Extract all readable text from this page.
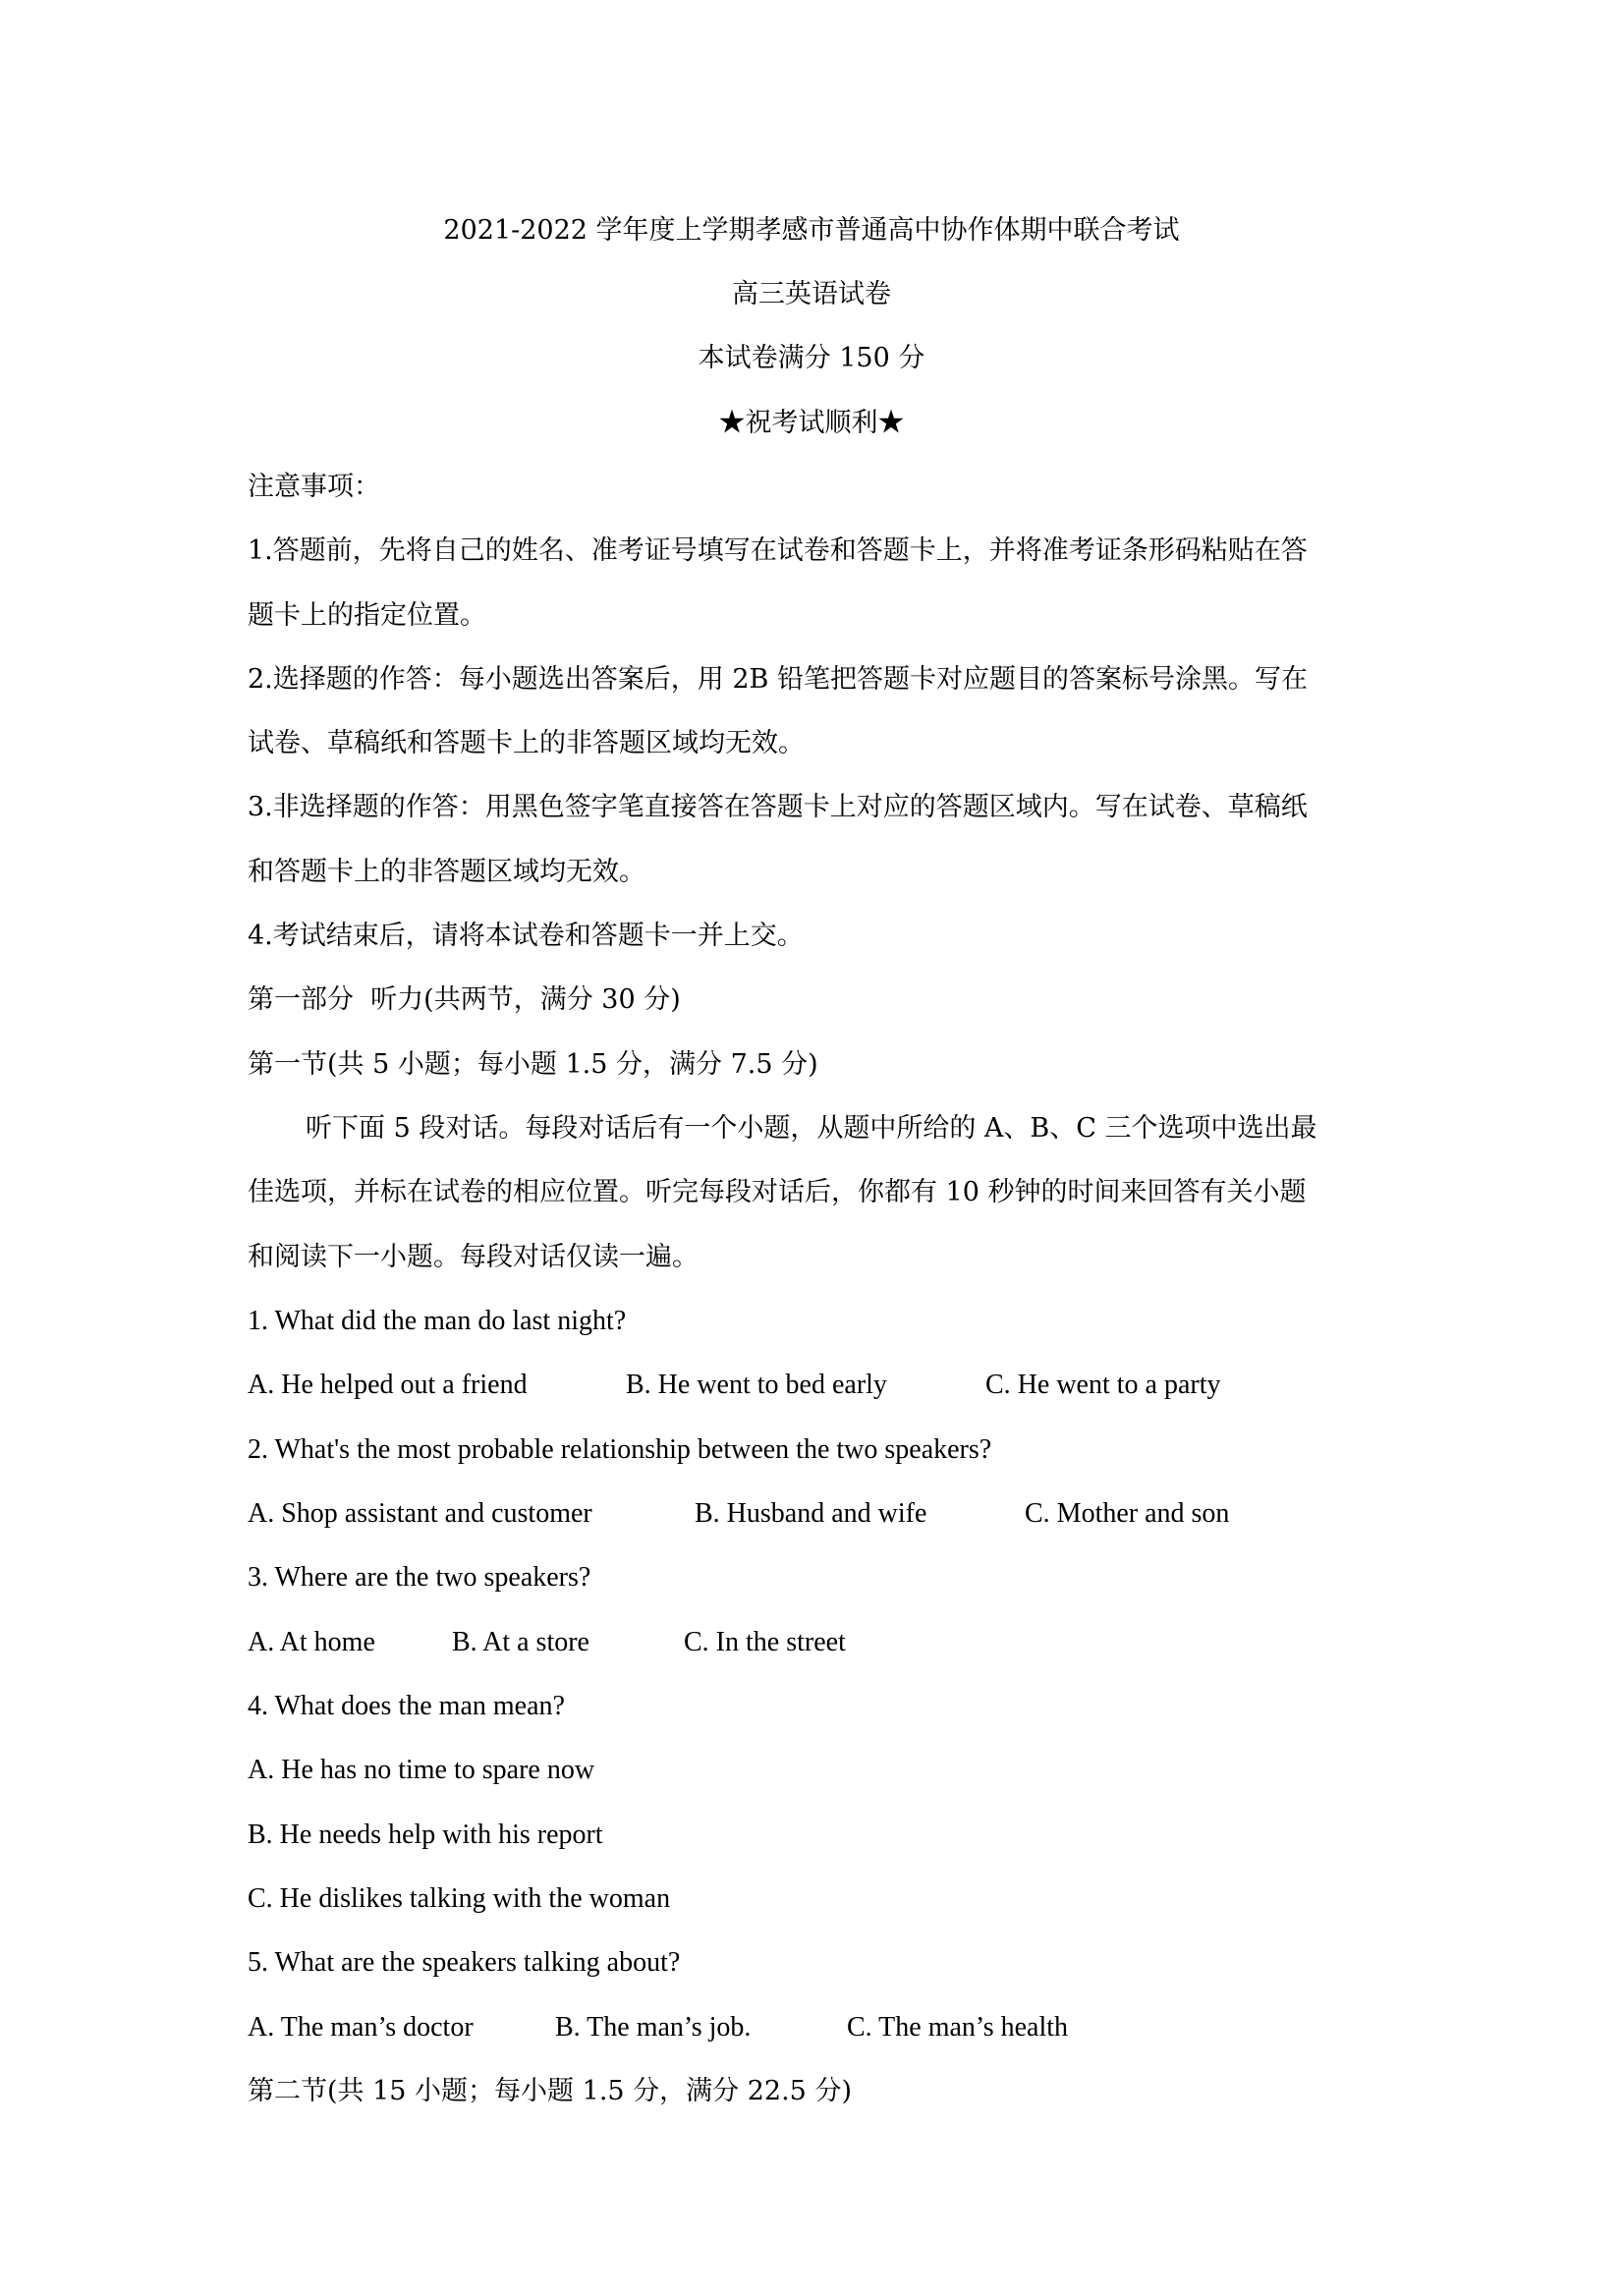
2021-2022 学年度上学期孝感市普通高中协作体期中联合考试
高三英语试卷
本试卷满分 150 分
★祝考试顺利★
注意事项：
1.答题前，先将自己的姓名、准考证号填写在试卷和答题卡上，并将准考证条形码粘贴在答
题卡上的指定位置。
2.选择题的作答：每小题选出答案后，用 2B 铅笔把答题卡对应题目的答案标号涂黑。写在
试卷、草稿纸和答题卡上的非答题区域均无效。
3.非选择题的作答：用黑色签字笔直接答在答题卡上对应的答题区域内。写在试卷、草稿纸
和答题卡上的非答题区域均无效。
4.考试结束后，请将本试卷和答题卡一并上交。
第一部分  听力(共两节，满分 30 分)
第一节(共 5 小题；每小题 1.5 分，满分 7.5 分)
听下面 5 段对话。每段对话后有一个小题，从题中所给的 A、B、C 三个选项中选出最
佳选项，并标在试卷的相应位置。听完每段对话后，你都有 10 秒钟的时间来回答有关小题
和阅读下一小题。每段对话仅读一遍。
1. What did the man do last night?
A. He helped out a friend	B. He went to bed early	C. He went to a party
2. What's the most probable relationship between the two speakers?
A. Shop assistant and customer	B. Husband and wife	C. Mother and son
3. Where are the two speakers?
A. At home	B. At a store	C. In the street
4. What does the man mean?
A. He has no time to spare now
B. He needs help with his report
C. He dislikes talking with the woman
5. What are the speakers talking about?
A. The man’s doctor	B. The man’s job.	C. The man’s health
第二节(共 15 小题；每小题 1.5 分，满分 22.5 分)
